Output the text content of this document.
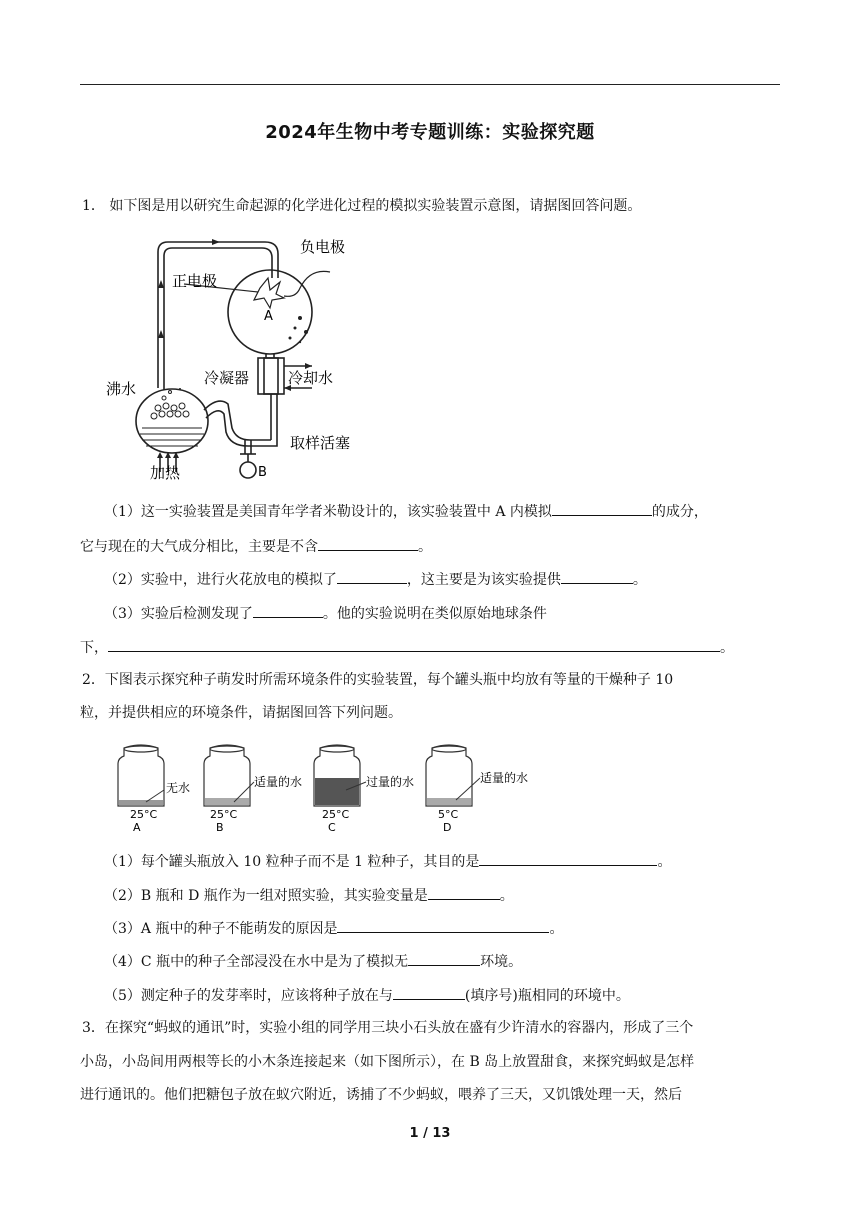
2024年生物中考专题训练：实验探究题
1． 如下图是用以研究生命起源的化学进化过程的模拟实验装置示意图，请据图回答问题。
负电极
正电极
A
冷凝器	冷却水
沸水
取样活塞
加热	B
（1）这一实验装置是美国青年学者米勒设计的，该实验装置中 A 内模拟	的成分，
它与现在的大气成分相比，主要是不含	。
（2）实验中，进行火花放电的模拟了	，这主要是为该实验提供	。
（3）实验后检测发现了	。他的实验说明在类似原始地球条件
下，	。
2．下图表示探究种子萌发时所需环境条件的实验装置，每个罐头瓶中均放有等量的干燥种子 10
粒，并提供相应的环境条件，请据图回答下列问题。
无水	适量的水	过量的水	适量的水
25°C	25°C	25°C	5°C
A	B	C	D
（1）每个罐头瓶放入 10 粒种子而不是 1 粒种子，其目的是	。
（2）B 瓶和 D 瓶作为一组对照实验，其实验变量是	。
（3）A 瓶中的种子不能萌发的原因是	。
（4）C 瓶中的种子全部浸没在水中是为了模拟无	环境。
（5）测定种子的发芽率时，应该将种子放在与	(填序号)瓶相同的环境中。
3．在探究“蚂蚁的通讯”时，实验小组的同学用三块小石头放在盛有少许清水的容器内，形成了三个
小岛，小岛间用两根等长的小木条连接起来（如下图所示），在 B 岛上放置甜食，来探究蚂蚁是怎样
进行通讯的。他们把糖包子放在蚁穴附近，诱捕了不少蚂蚁，喂养了三天，又饥饿处理一天，然后
1 / 13
